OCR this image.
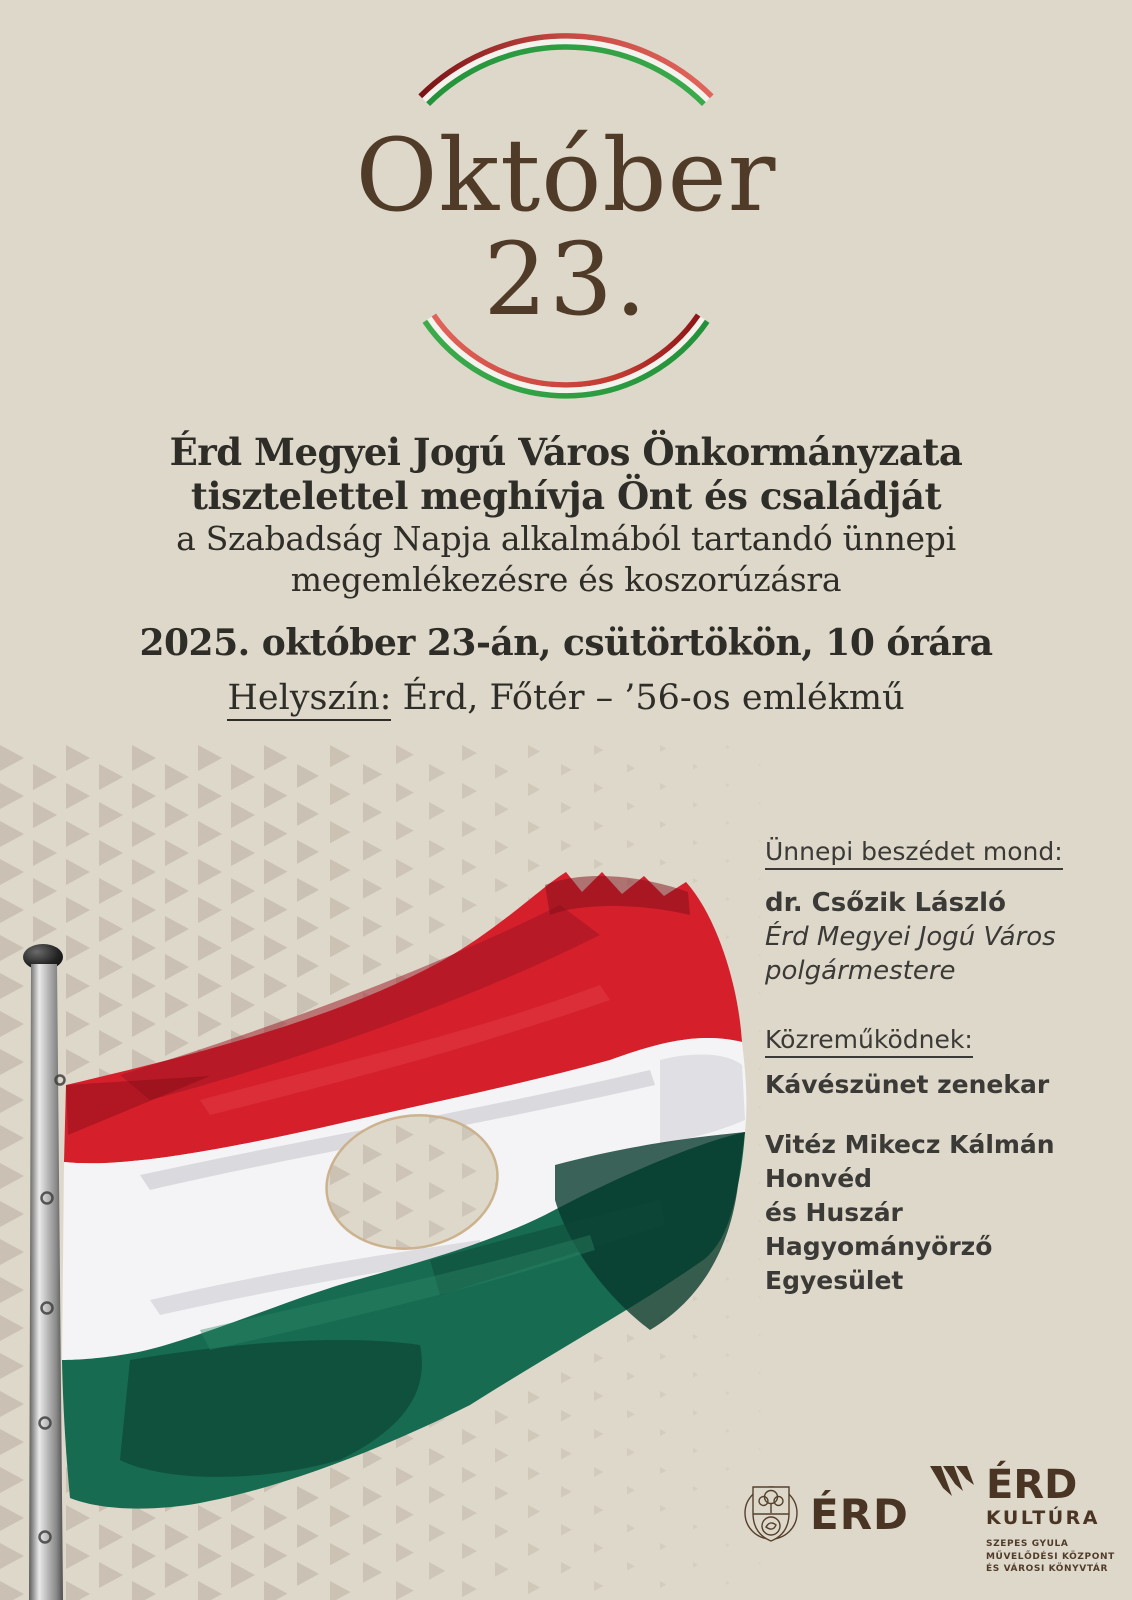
Október
23.
Érd Megyei Jogú Város Önkormányzata
tisztelettel meghívja Önt és családját
a Szabadság Napja alkalmából tartandó ünnepi
megemlékezésre és koszorúzásra
2025. október 23-án, csütörtökön, 10 órára
Helyszín: Érd, Főtér – ’56-os emlékmű
Ünnepi beszédet mond:
dr. Csőzik László
Érd Megyei Jogú Város
polgármestere
Közreműködnek:
Kávészünet zenekar
Vitéz Mikecz Kálmán Honvéd
és Huszár Hagyományörző
Egyesület
ÉRD
ÉRD
KULTÚRA
SZEPES GYULA
MŰVELŐDÉSI KÖZPONT
ÉS VÁROSI KÖNYVTÁR
